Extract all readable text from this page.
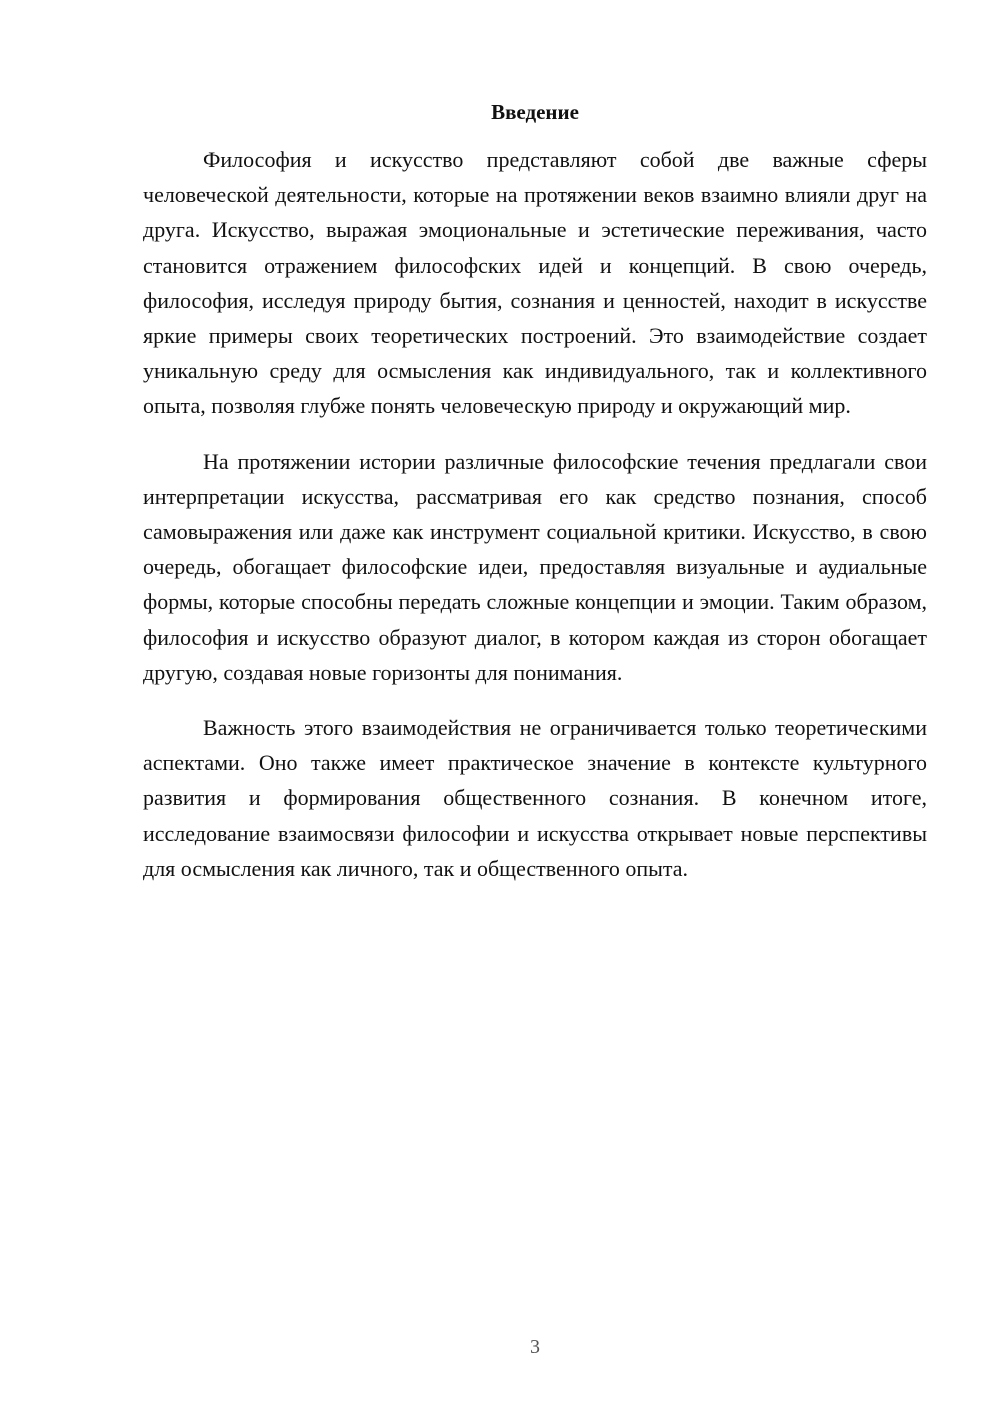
Введение

Философия и искусство представляют собой две важные сферы человеческой деятельности, которые на протяжении веков взаимно влияли друг на друга. Искусство, выражая эмоциональные и эстетические переживания, часто становится отражением философских идей и концепций. В свою очередь, философия, исследуя природу бытия, сознания и ценностей, находит в искусстве яркие примеры своих теоретических построений. Это взаимодействие создает уникальную среду для осмысления как индивидуального, так и коллективного опыта, позволяя глубже понять человеческую природу и окружающий мир.

На протяжении истории различные философские течения предлагали свои интерпретации искусства, рассматривая его как средство познания, способ самовыражения или даже как инструмент социальной критики. Искусство, в свою очередь, обогащает философские идеи, предоставляя визуальные и аудиальные формы, которые способны передать сложные концепции и эмоции. Таким образом, философия и искусство образуют диалог, в котором каждая из сторон обогащает другую, создавая новые горизонты для понимания.

Важность этого взаимодействия не ограничивается только теоретическими аспектами. Оно также имеет практическое значение в контексте культурного развития и формирования общественного сознания. В конечном итоге, исследование взаимосвязи философии и искусства открывает новые перспективы для осмысления как личного, так и общественного опыта.

3
